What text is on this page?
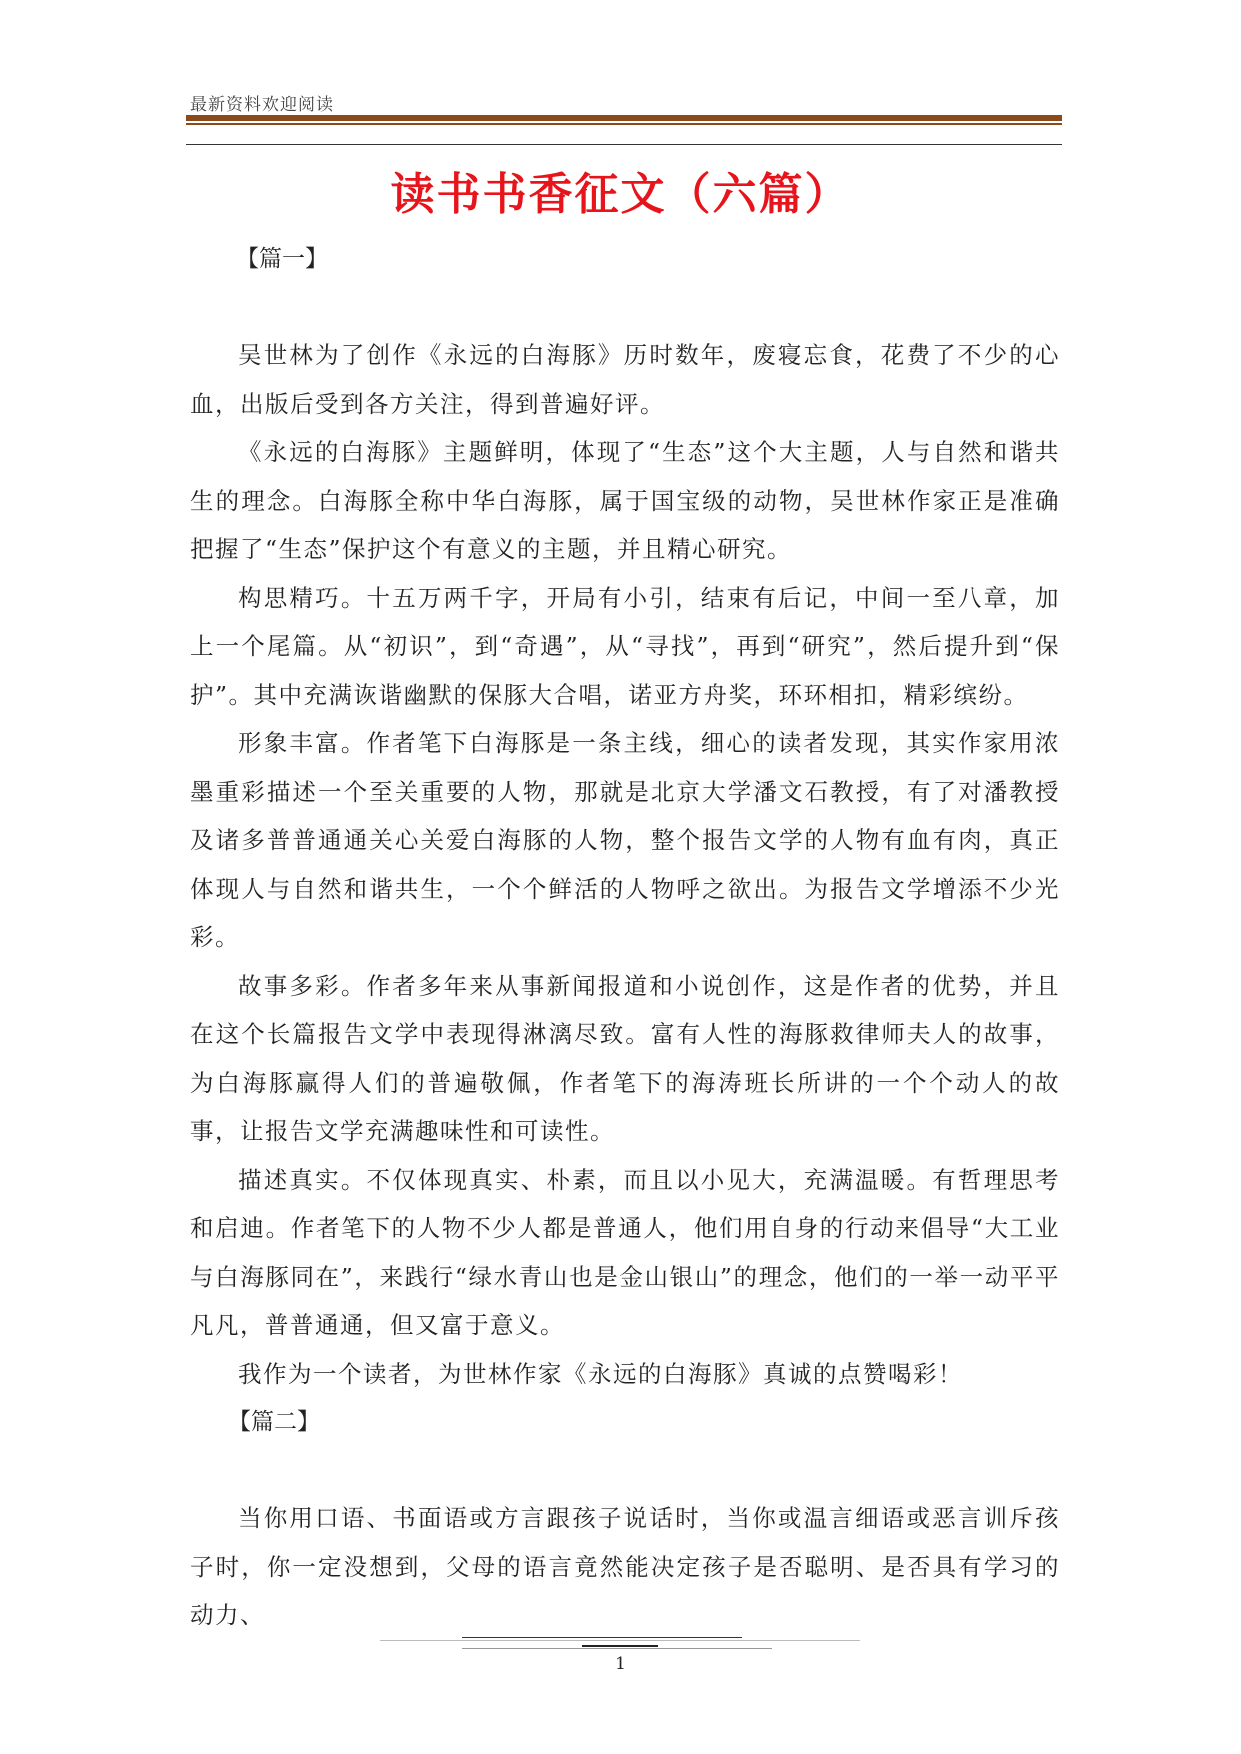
最新资料欢迎阅读
读书书香征文（六篇）
【篇一】

吴世林为了创作《永远的白海豚》历时数年，废寝忘食，花费了不少的心血，出版后受到各方关注，得到普遍好评。

《永远的白海豚》主题鲜明，体现了“生态”这个大主题，人与自然和谐共生的理念。白海豚全称中华白海豚，属于国宝级的动物，吴世林作家正是准确把握了“生态”保护这个有意义的主题，并且精心研究。

构思精巧。十五万两千字，开局有小引，结束有后记，中间一至八章，加上一个尾篇。从“初识”，到“奇遇”，从“寻找”，再到“研究”，然后提升到“保护”。其中充满诙谐幽默的保豚大合唱，诺亚方舟奖，环环相扣，精彩缤纷。

形象丰富。作者笔下白海豚是一条主线，细心的读者发现，其实作家用浓墨重彩描述一个至关重要的人物，那就是北京大学潘文石教授，有了对潘教授及诸多普普通通关心关爱白海豚的人物，整个报告文学的人物有血有肉，真正体现人与自然和谐共生，一个个鲜活的人物呼之欲出。为报告文学增添不少光彩。

故事多彩。作者多年来从事新闻报道和小说创作，这是作者的优势，并且在这个长篇报告文学中表现得淋漓尽致。富有人性的海豚救律师夫人的故事，为白海豚赢得人们的普遍敬佩，作者笔下的海涛班长所讲的一个个动人的故事，让报告文学充满趣味性和可读性。

描述真实。不仅体现真实、朴素，而且以小见大，充满温暖。有哲理思考和启迪。作者笔下的人物不少人都是普通人，他们用自身的行动来倡导“大工业与白海豚同在”，来践行“绿水青山也是金山银山”的理念，他们的一举一动平平凡凡，普普通通，但又富于意义。

我作为一个读者，为世林作家《永远的白海豚》真诚的点赞喝彩！

【篇二】

当你用口语、书面语或方言跟孩子说话时，当你或温言细语或恶言训斥孩子时，你一定没想到，父母的语言竟然能决定孩子是否聪明、是否具有学习的动力、

1
